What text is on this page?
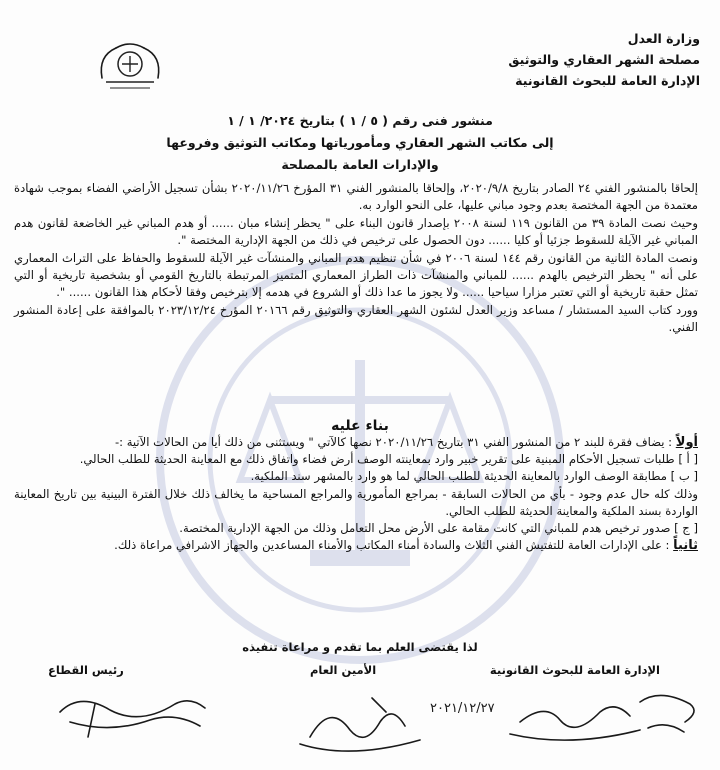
وزارة العدل
مصلحة الشهر العقاري والتوثيق
الإدارة العامة للبحوث القانونية
منشور فنى رقم ( ٥ / ١ ) بتاريخ ٢٠٢٤/ ١ / ١
إلى مكاتب الشهر العقاري ومأمورياتها ومكاتب التوثيق وفروعها
والإدارات العامة بالمصلحة

إلحاقا بالمنشور الفني ٢٤ الصادر بتاريخ ٢٠٢٠/٩/٨، وإلحاقا بالمنشور الفني ٣١ المؤرخ ٢٠٢٠/١١/٢٦ بشأن تسجيل الأراضي الفضاء بموجب شهادة معتمدة من الجهة المختصة بعدم وجود مباني عليها، على النحو الوارد به.

وحيث نصت المادة ٣٩ من القانون ١١٩ لسنة ٢٠٠٨ بإصدار قانون البناء على " يحظر إنشاء مبان ...... أو هدم المباني غير الخاضعة لقانون هدم المباني غير الآيلة للسقوط جزئيا أو كليا ...... دون الحصول على ترخيص في ذلك من الجهة الإدارية المختصة ".

ونصت المادة الثانية من القانون رقم ١٤٤ لسنة ٢٠٠٦ في شأن تنظيم هدم المباني والمنشآت غير الآيلة للسقوط والحفاظ على التراث المعماري على أنه " يحظر الترخيص بالهدم ...... للمباني والمنشآت ذات الطراز المعماري المتميز المرتبطة بالتاريخ القومي أو بشخصية تاريخية أو التي تمثل حقبة تاريخية أو التي تعتبر مزارا سياحيا ...... ولا يجوز ما عدا ذلك أو الشروع في هدمه إلا بترخيص وفقا لأحكام هذا القانون ...... ".

وورد كتاب السيد المستشار / مساعد وزير العدل لشئون الشهر العقاري والتوثيق رقم ٢٠١٦٦ المؤرخ ٢٠٢٣/١٢/٢٤ بالموافقة على إعادة المنشور الفني.

بناء عليه

أولاً : يضاف فقرة للبند ٢ من المنشور الفني ٣١ بتاريخ ٢٠٢٠/١١/٢٦ نصها كالآتي " ويستثنى من ذلك أيا من الحالات الآتية :-

[ أ ] طلبات تسجيل الأحكام المبنية على تقرير خبير وارد بمعاينته الوصف أرض فضاء واتفاق ذلك مع المعاينة الحديثة للطلب الحالي.

[ ب ] مطابقة الوصف الوارد بالمعاينة الحديثة للطلب الحالي لما هو وارد بالمشهر سند الملكية.

وذلك كله حال عدم وجود - بأي من الحالات السابقة - بمراجع المأمورية والمراجع المساحية ما يخالف ذلك خلال الفترة البينية بين تاريخ المعاينة الواردة بسند الملكية والمعاينة الحديثة للطلب الحالي.

[ ج ] صدور ترخيص هدم للمباني التي كانت مقامة على الأرض محل التعامل وذلك من الجهة الإدارية المختصة.

ثانياً : على الإدارات العامة للتفتيش الفني الثلاث والسادة أمناء المكاتب والأمناء المساعدين والجهاز الاشرافي مراعاة ذلك.

لذا يقتضى العلم بما تقدم و مراعاة تنفيذه
الإدارة العامة للبحوث القانونية
الأمين العام
رئيس القطاع
٢٠٢١/١٢/٢٧
